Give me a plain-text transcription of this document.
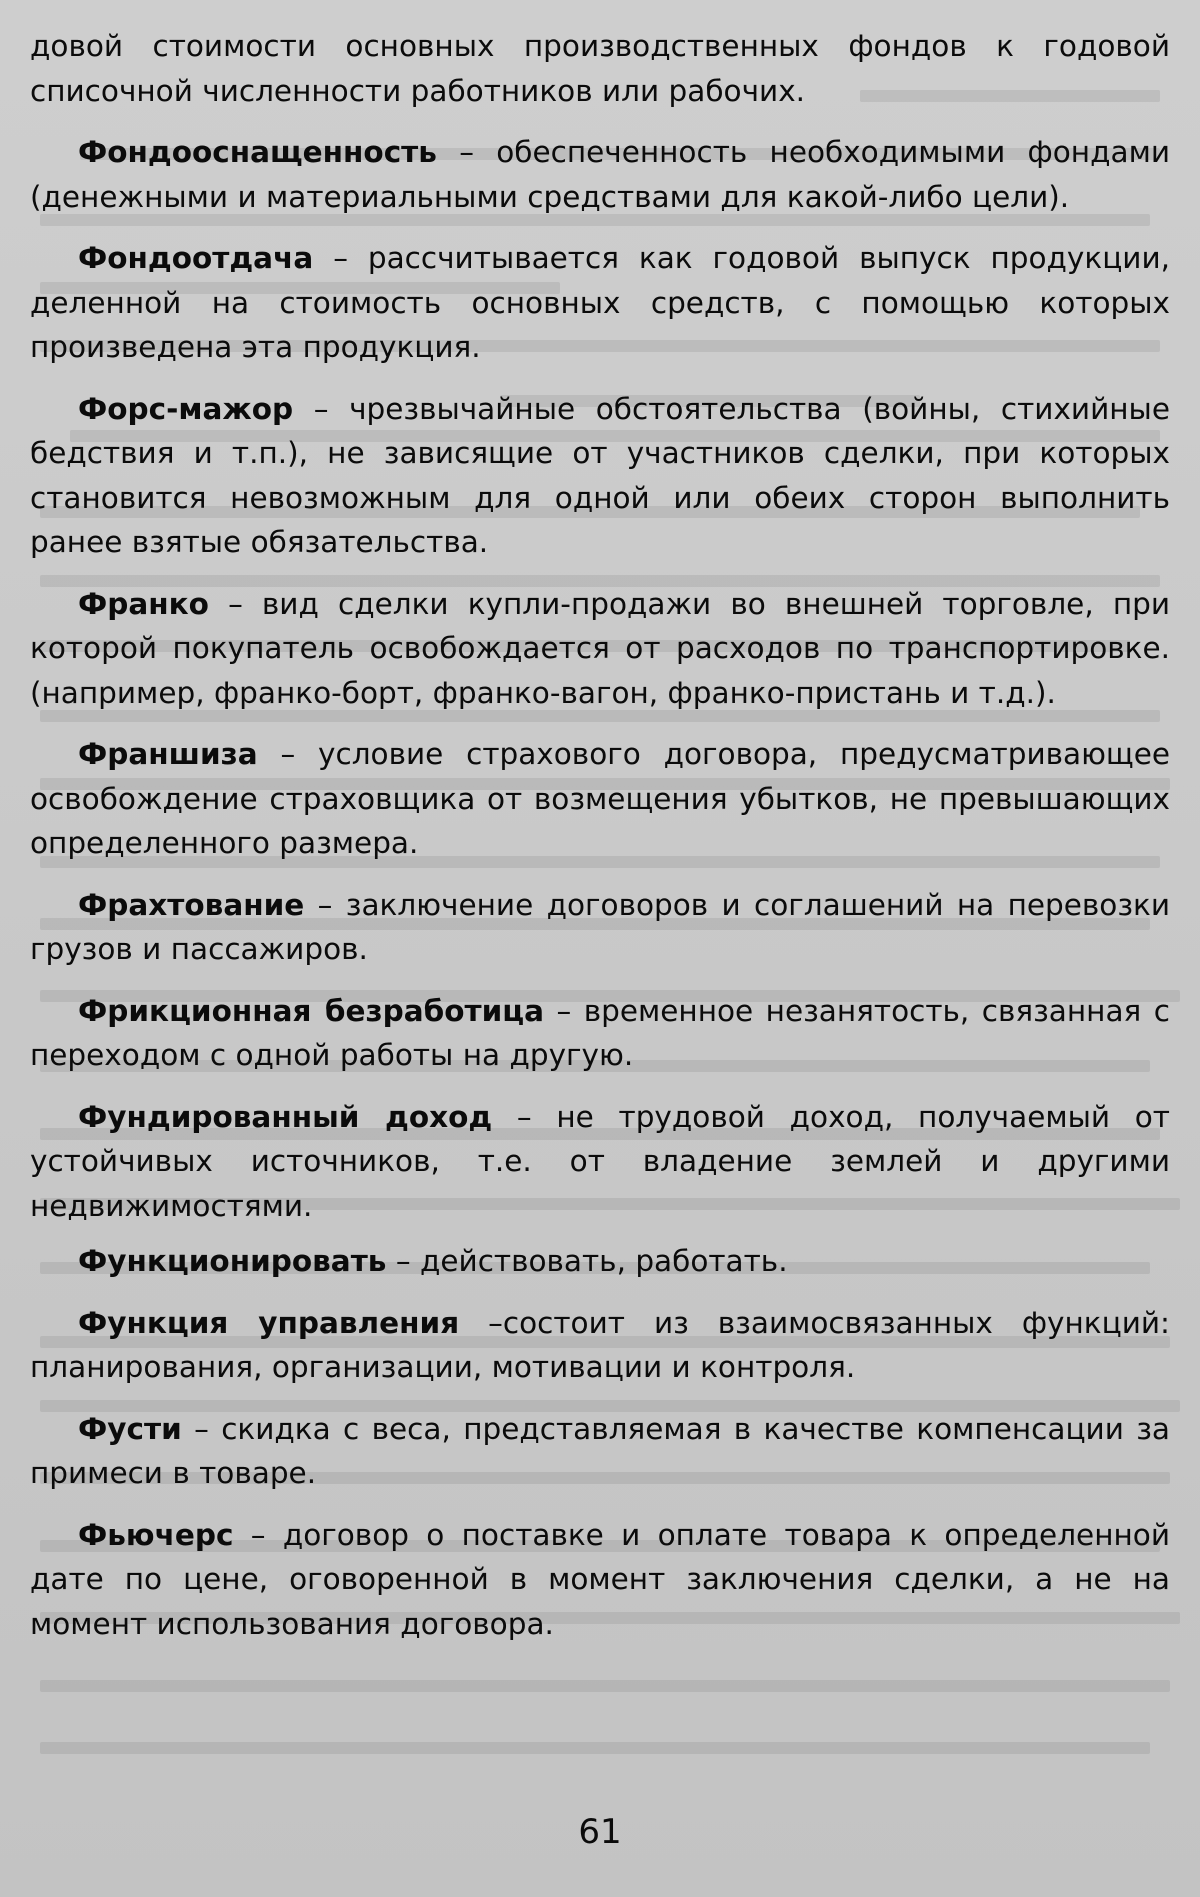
довой стоимости основных производственных фондов к годовой списочной численности работников или рабочих.

Фондооснащенность – обеспеченность необходимыми фондами (денежными и материальными средствами для какой-либо цели).

Фондоотдача – рассчитывается как годовой выпуск продукции, деленной на стоимость основных средств, с помощью которых произведена эта продукция.

Форс-мажор – чрезвычайные обстоятельства (войны, стихийные бедствия и т.п.), не зависящие от участников сделки, при которых становится невозможным для одной или обеих сторон выполнить ранее взятые обязательства.

Франко – вид сделки купли-продажи во внешней торговле, при которой покупатель освобождается от расходов по транспортировке. (например, франко-борт, франко-вагон, франко-пристань и т.д.).

Франшиза – условие страхового договора, предусматривающее освобождение страховщика от возмещения убытков, не превышающих определенного размера.

Фрахтование – заключение договоров и соглашений на перевозки грузов и пассажиров.

Фрикционная безработица – временное незанятость, связанная с переходом с одной работы на другую.

Фундированный доход – не трудовой доход, получаемый от устойчивых источников, т.е. от владение землей и другими недвижимостями.

Функционировать – действовать, работать.

Функция управления –состоит из взаимосвязанных функций: планирования, организации, мотивации и контроля.

Фусти – скидка с веса, представляемая в качестве компенсации за примеси в товаре.

Фьючерс – договор о поставке и оплате товара к определенной дате по цене, оговоренной в момент заключения сделки, а не на момент использования договора.

61
